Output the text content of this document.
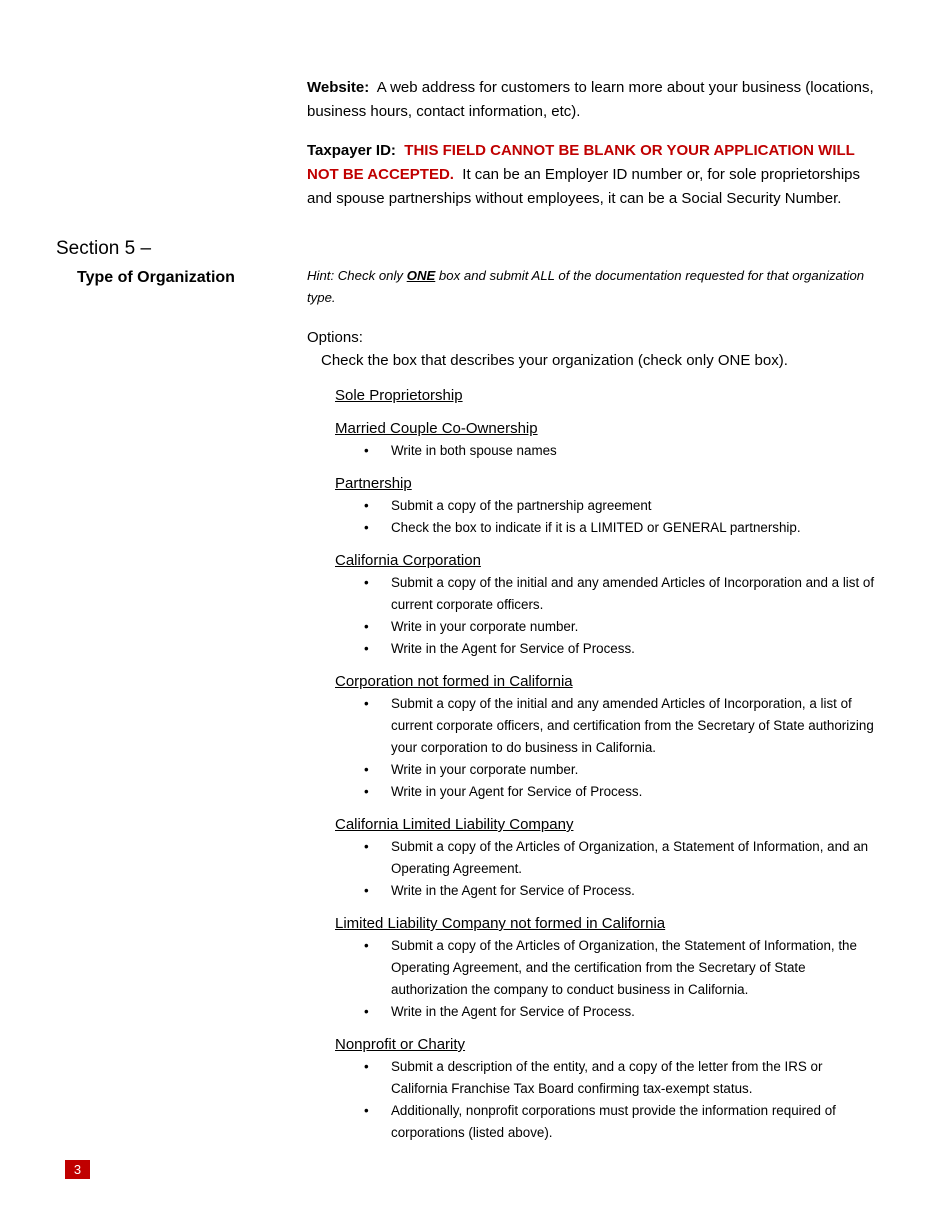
Website: A web address for customers to learn more about your business (locations, business hours, contact information, etc).
Taxpayer ID: THIS FIELD CANNOT BE BLANK OR YOUR APPLICATION WILL NOT BE ACCEPTED. It can be an Employer ID number or, for sole proprietorships and spouse partnerships without employees, it can be a Social Security Number.
Section 5 –
Type of Organization	Hint: Check only ONE box and submit ALL of the documentation requested for that organization type.
Options:
Check the box that describes your organization (check only ONE box).
Sole Proprietorship
Married Couple Co-Ownership
• Write in both spouse names
Partnership
• Submit a copy of the partnership agreement
• Check the box to indicate if it is a LIMITED or GENERAL partnership.
California Corporation
• Submit a copy of the initial and any amended Articles of Incorporation and a list of current corporate officers.
• Write in your corporate number.
• Write in the Agent for Service of Process.
Corporation not formed in California
• Submit a copy of the initial and any amended Articles of Incorporation, a list of current corporate officers, and certification from the Secretary of State authorizing your corporation to do business in California.
• Write in your corporate number.
• Write in your Agent for Service of Process.
California Limited Liability Company
• Submit a copy of the Articles of Organization, a Statement of Information, and an Operating Agreement.
• Write in the Agent for Service of Process.
Limited Liability Company not formed in California
• Submit a copy of the Articles of Organization, the Statement of Information, the Operating Agreement, and the certification from the Secretary of State authorization the company to conduct business in California.
• Write in the Agent for Service of Process.
Nonprofit or Charity
• Submit a description of the entity, and a copy of the letter from the IRS or California Franchise Tax Board confirming tax-exempt status.
• Additionally, nonprofit corporations must provide the information required of corporations (listed above).
3
